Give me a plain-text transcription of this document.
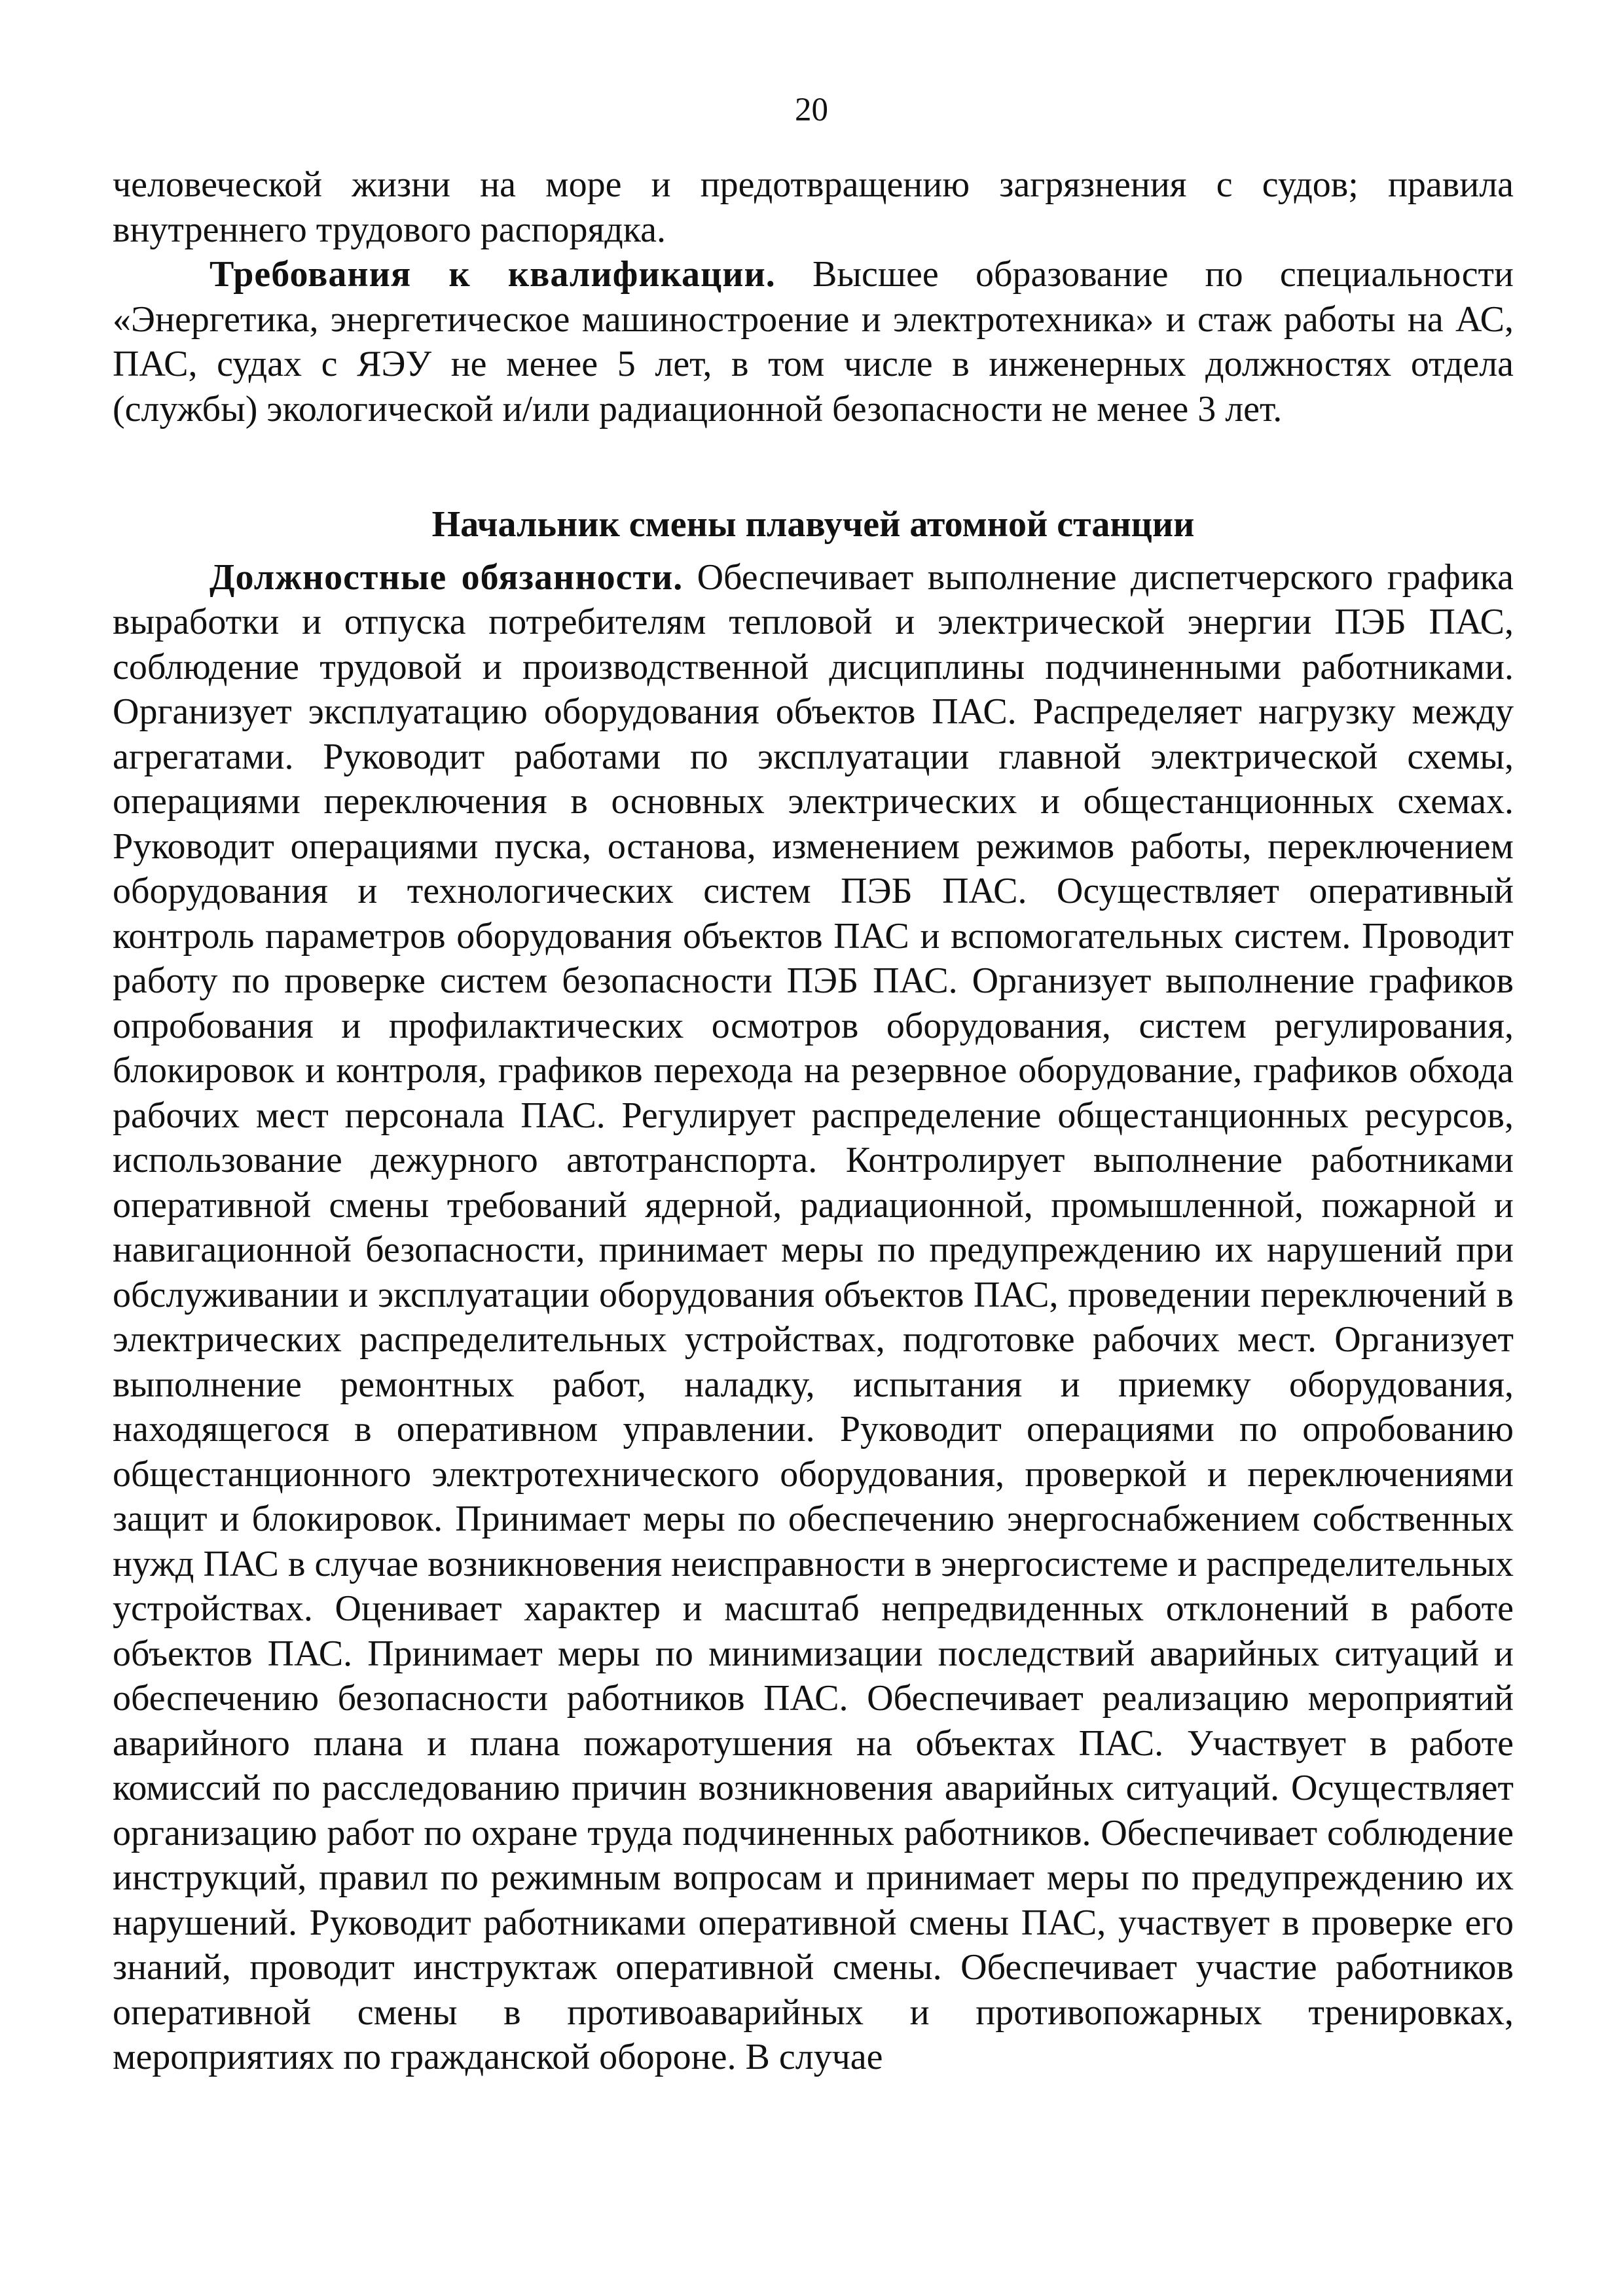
20

человеческой жизни на море и предотвращению загрязнения с судов; правила внутреннего трудового распорядка.

Требования к квалификации. Высшее образование по специальности «Энергетика, энергетическое машиностроение и электротехника» и стаж работы на АС, ПАС, судах с ЯЭУ не менее 5 лет, в том числе в инженерных должностях отдела (службы) экологической и/или радиационной безопасности не менее 3 лет.

Начальник смены плавучей атомной станции

Должностные обязанности. Обеспечивает выполнение диспетчерского графика выработки и отпуска потребителям тепловой и электрической энергии ПЭБ ПАС, соблюдение трудовой и производственной дисциплины подчиненными работниками. Организует эксплуатацию оборудования объектов ПАС. Распределяет нагрузку между агрегатами. Руководит работами по эксплуатации главной электрической схемы, операциями переключения в основных электрических и общестанционных схемах. Руководит операциями пуска, останова, изменением режимов работы, переключением оборудования и технологических систем ПЭБ ПАС. Осуществляет оперативный контроль параметров оборудования объектов ПАС и вспомогательных систем. Проводит работу по проверке систем безопасности ПЭБ ПАС. Организует выполнение графиков опробования и профилактических осмотров оборудования, систем регулирования, блокировок и контроля, графиков перехода на резервное оборудование, графиков обхода рабочих мест персонала ПАС. Регулирует распределение общестанционных ресурсов, использование дежурного автотранспорта. Контролирует выполнение работниками оперативной смены требований ядерной, радиационной, промышленной, пожарной и навигационной безопасности, принимает меры по предупреждению их нарушений при обслуживании и эксплуатации оборудования объектов ПАС, проведении переключений в электрических распределительных устройствах, подготовке рабочих мест. Организует выполнение ремонтных работ, наладку, испытания и приемку оборудования, находящегося в оперативном управлении. Руководит операциями по опробованию общестанционного электротехнического оборудования, проверкой и переключениями защит и блокировок. Принимает меры по обеспечению энергоснабжением собственных нужд ПАС в случае возникновения неисправности в энергосистеме и распределительных устройствах. Оценивает характер и масштаб непредвиденных отклонений в работе объектов ПАС. Принимает меры по минимизации последствий аварийных ситуаций и обеспечению безопасности работников ПАС. Обеспечивает реализацию мероприятий аварийного плана и плана пожаротушения на объектах ПАС. Участвует в работе комиссий по расследованию причин возникновения аварийных ситуаций. Осуществляет организацию работ по охране труда подчиненных работников. Обеспечивает соблюдение инструкций, правил по режимным вопросам и принимает меры по предупреждению их нарушений. Руководит работниками оперативной смены ПАС, участвует в проверке его знаний, проводит инструктаж оперативной смены. Обеспечивает участие работников оперативной смены в противоаварийных и противопожарных тренировках, мероприятиях по гражданской обороне. В случае
